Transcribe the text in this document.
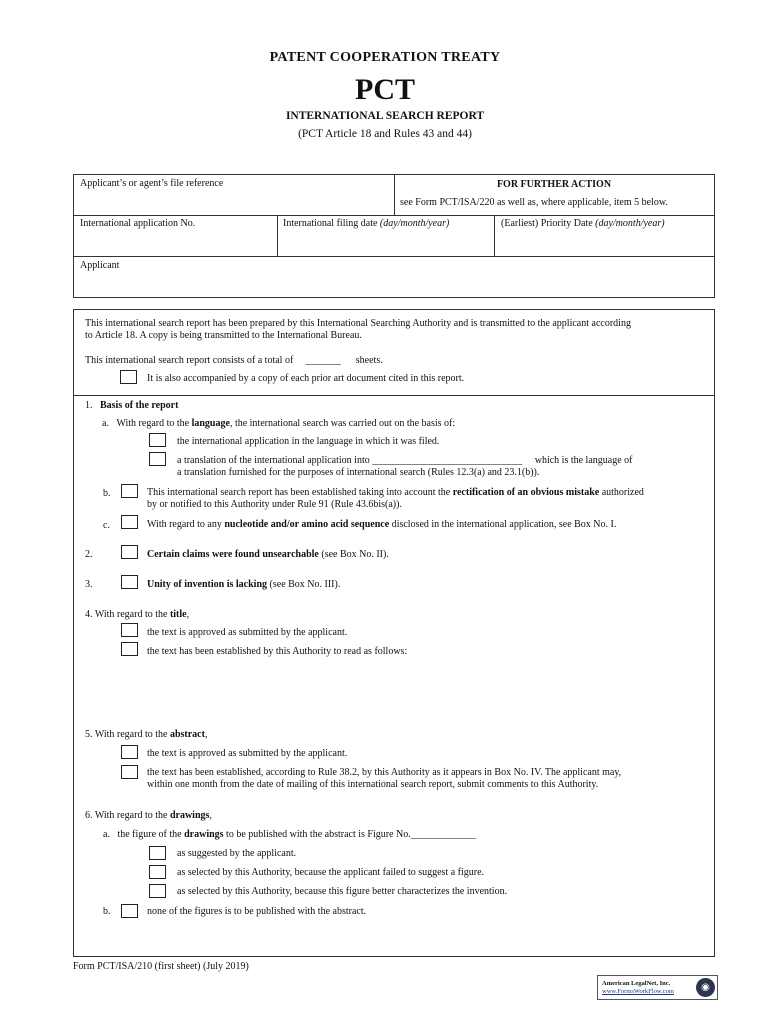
PATENT COOPERATION TREATY
PCT
INTERNATIONAL SEARCH REPORT
(PCT Article 18 and Rules 43 and 44)
Applicant’s or agent’s file reference	FOR FURTHER ACTION
see Form PCT/ISA/220 as well as, where applicable, item 5 below.
International application No.	International filing date (day/month/year)	(Earliest) Priority Date (day/month/year)
Applicant
This international search report has been prepared by this International Searching Authority and is transmitted to the applicant according
to Article 18. A copy is being transmitted to the International Bureau.
This international search report consists of a total of _______ sheets.
It is also accompanied by a copy of each prior art document cited in this report.
1. Basis of the report
a. With regard to the language, the international search was carried out on the basis of:
the international application in the language in which it was filed.
a translation of the international application into ______________________________ which is the language of
a translation furnished for the purposes of international search (Rules 12.3(a) and 23.1(b)).
b.	This international search report has been established taking into account the rectification of an obvious mistake authorized
by or notified to this Authority under Rule 91 (Rule 43.6bis(a)).
c.	With regard to any nucleotide and/or amino acid sequence disclosed in the international application, see Box No. I.
2.	Certain claims were found unsearchable (see Box No. II).
3.	Unity of invention is lacking (see Box No. III).
4. With regard to the title,
the text is approved as submitted by the applicant.
the text has been established by this Authority to read as follows:
5. With regard to the abstract,
the text is approved as submitted by the applicant.
the text has been established, according to Rule 38.2, by this Authority as it appears in Box No. IV. The applicant may,
within one month from the date of mailing of this international search report, submit comments to this Authority.
6. With regard to the drawings,
a. the figure of the drawings to be published with the abstract is Figure No._____________
as suggested by the applicant.
as selected by this Authority, because the applicant failed to suggest a figure.
as selected by this Authority, because this figure better characterizes the invention.
b.	none of the figures is to be published with the abstract.
Form PCT/ISA/210 (first sheet) (July 2019)
American LegalNet, Inc.
www.FormsWorkFlow.com	◉
